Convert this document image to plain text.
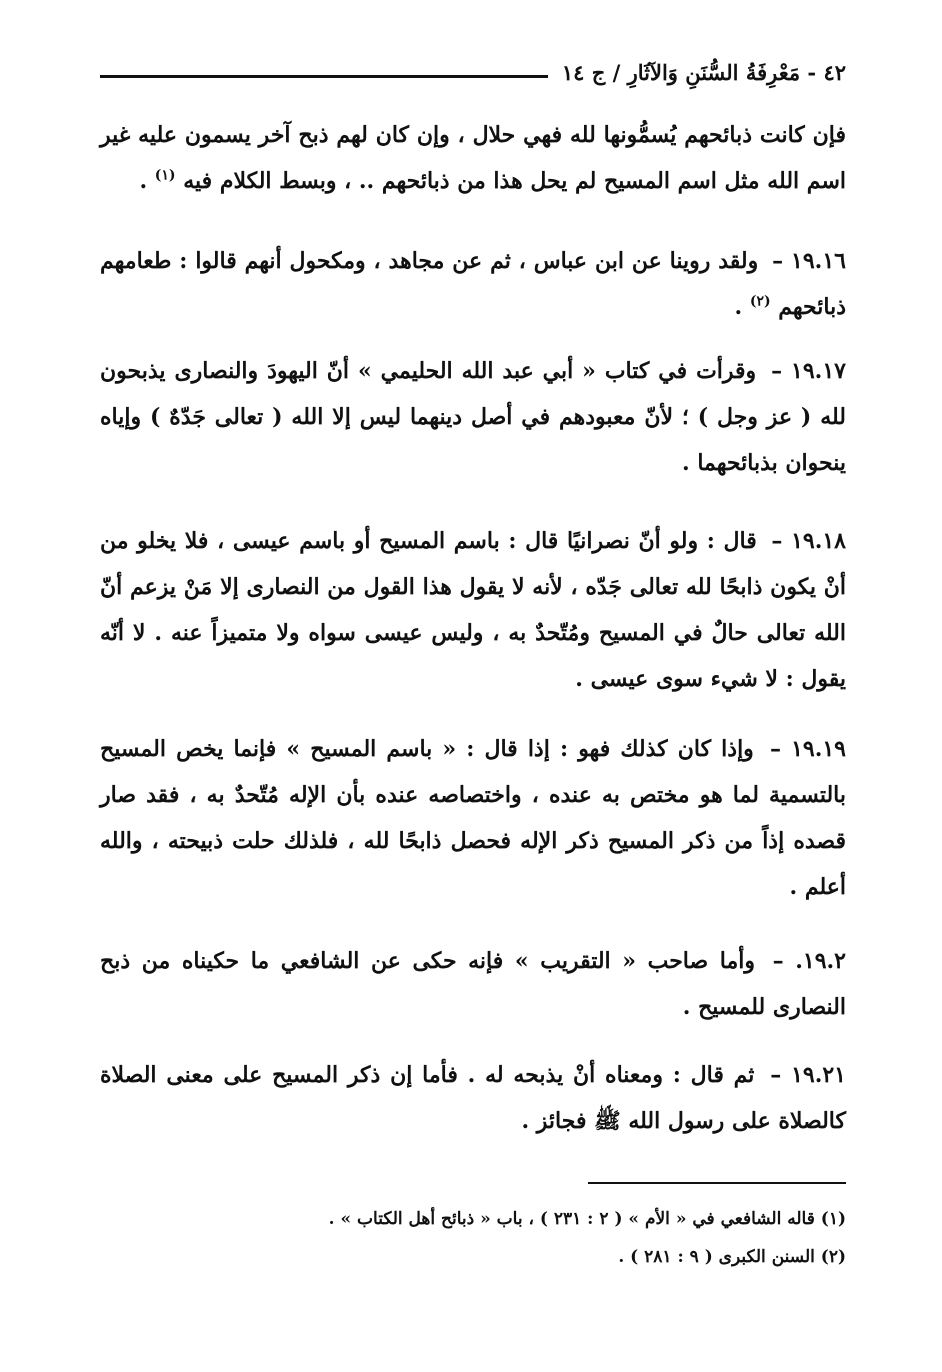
٤٢ - مَعْرِفَةُ السُّنَنِ وَالآثَارِ / ج ١٤

فإن كانت ذبائحهم يُسمُّونها لله فهي حلال ، وإن كان لهم ذبح آخر يسمون عليه غير اسم الله مثل اسم المسيح لم يحل هذا من ذبائحهم .. ، وبسط الكلام فيه $^{(١)}$ .

١٩.١٦ – ولقد روينا عن ابن عباس ، ثم عن مجاهد ، ومكحول أنهم قالوا : طعامهم ذبائحهم $^{(٢)}$ .

١٩.١٧ – وقرأت في كتاب « أبي عبد الله الحليمي » أنّ اليهودَ والنصارى يذبحون لله ( عز وجل ) ؛ لأنّ معبودهم في أصل دينهما ليس إلا الله ( تعالى جَدّهٌ ) وإياه ينحوان بذبائحهما .

١٩.١٨ – قال : ولو أنّ نصرانيًا قال : باسم المسيح أو باسم عيسى ، فلا يخلو من أنْ يكون ذابحًا لله تعالى جَدّه ، لأنه لا يقول هذا القول من النصارى إلا مَنْ يزعم أنّ الله تعالى حالٌ في المسيح ومُتّحدٌ به ، وليس عيسى سواه ولا متميزاً عنه . لا أنّه يقول : لا شيء سوى عيسى .

١٩.١٩ – وإذا كان كذلك فهو : إذا قال : « باسم المسيح » فإنما يخص المسيح بالتسمية لما هو مختص به عنده ، واختصاصه عنده بأن الإله مُتّحدٌ به ، فقد صار قصده إذاً من ذكر المسيح ذكر الإله فحصل ذابحًا لله ، فلذلك حلت ذبيحته ، والله أعلم .

١٩.٢. – وأما صاحب « التقريب » فإنه حكى عن الشافعي ما حكيناه من ذبح النصارى للمسيح .

١٩.٢١ – ثم قال : ومعناه أنْ يذبحه له . فأما إن ذكر المسيح على معنى الصلاة كالصلاة على رسول الله ﷺ فجائز .

(١) قاله الشافعي في « الأم » ( ٢ : ٢٣١ ) ، باب « ذبائح أهل الكتاب » .

(٢) السنن الكبرى ( ٩ : ٢٨١ ) .
